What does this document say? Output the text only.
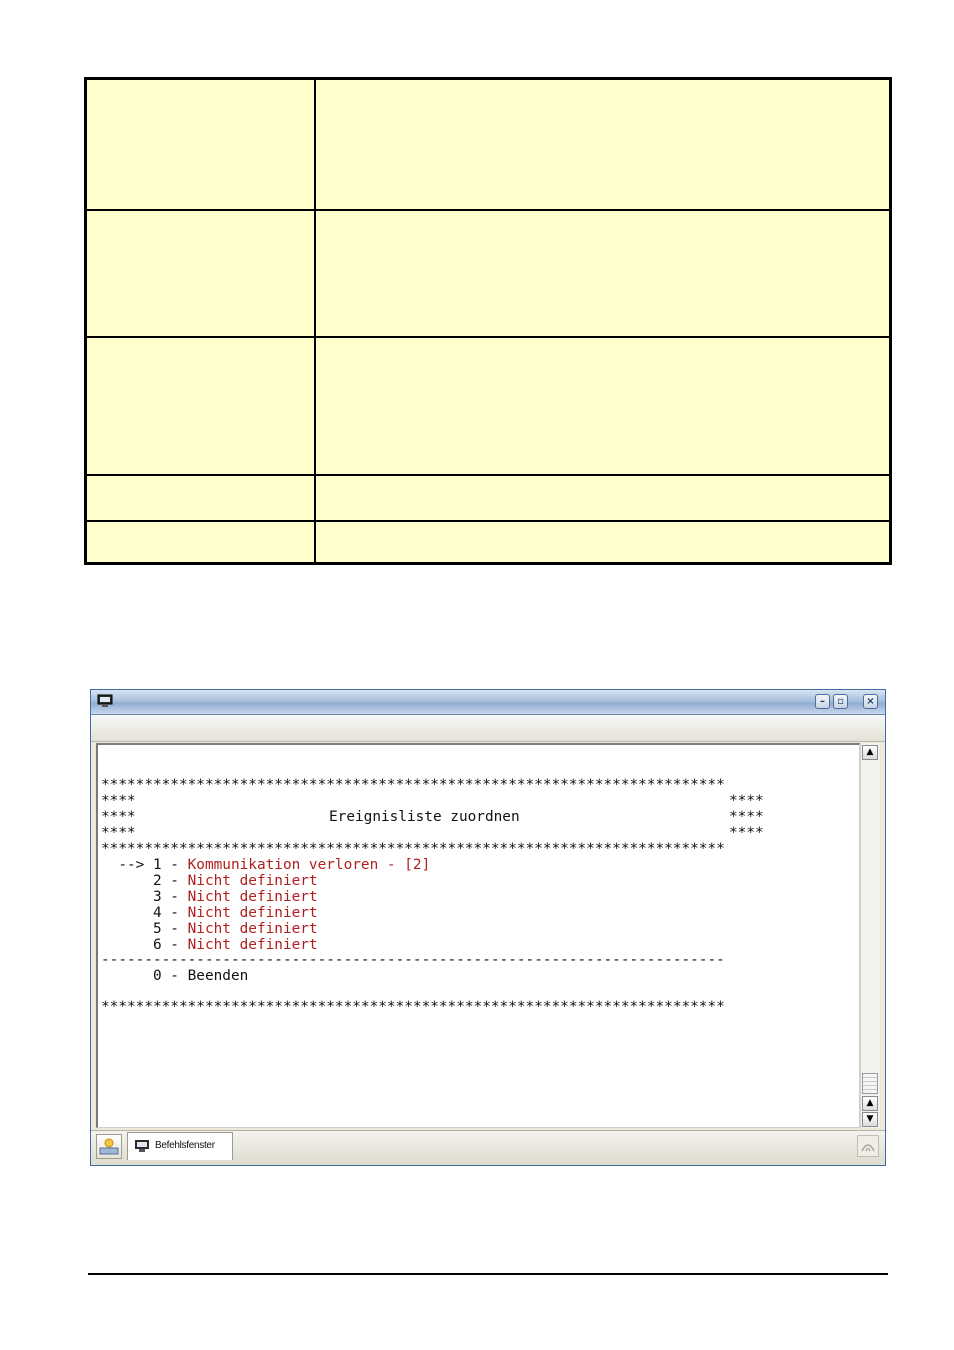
–	▫	×
************************************************************************
****	****
****	Ereignisliste zuordnen	****
****	****
************************************************************************
--> 1 - Kommunikation verloren - [2]
2 - Nicht definiert
3 - Nicht definiert
4 - Nicht definiert
5 - Nicht definiert
6 - Nicht definiert
------------------------------------------------------------------------
0 - Beenden
************************************************************************
▲
▲
▼
Befehlsfenster
